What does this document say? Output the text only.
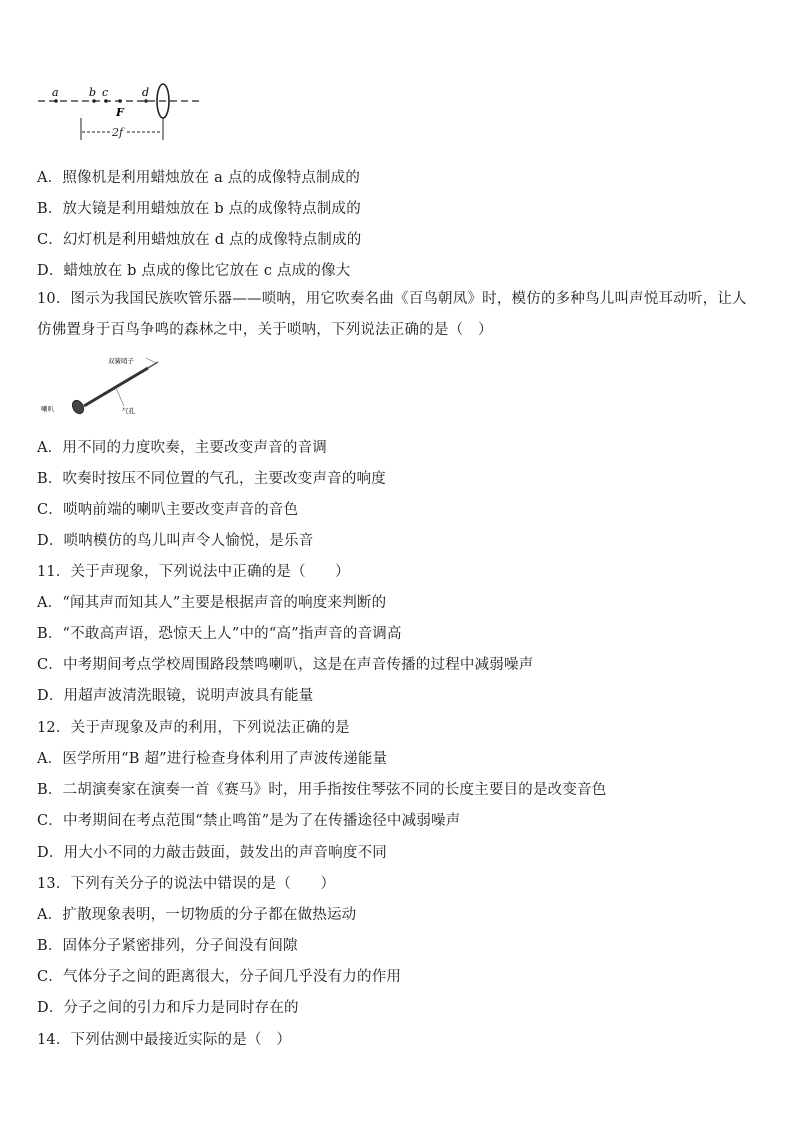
a	b c	d
F
2f
A．照像机是利用蜡烛放在 a 点的成像特点制成的
B．放大镜是利用蜡烛放在 b 点的成像特点制成的
C．幻灯机是利用蜡烛放在 d 点的成像特点制成的
D．蜡烛放在 b 点成的像比它放在 c 点成的像大
10．图示为我国民族吹管乐器——唢呐，用它吹奏名曲《百鸟朝凤》时，模仿的多种鸟儿叫声悦耳动听，让人仿佛置身于百鸟争鸣的森林之中，关于唢呐，下列说法正确的是（　）
双簧哨子
喇叭	气孔
A．用不同的力度吹奏，主要改变声音的音调
B．吹奏时按压不同位置的气孔，主要改变声音的响度
C．唢呐前端的喇叭主要改变声音的音色
D．唢呐模仿的鸟儿叫声令人愉悦，是乐音
11．关于声现象，下列说法中正确的是（　　）
A．“闻其声而知其人”主要是根据声音的响度来判断的
B．“不敢高声语，恐惊天上人”中的“高”指声音的音调高
C．中考期间考点学校周围路段禁鸣喇叭，这是在声音传播的过程中减弱噪声
D．用超声波清洗眼镜，说明声波具有能量
12．关于声现象及声的利用，下列说法正确的是
A．医学所用“B 超”进行检查身体利用了声波传递能量
B．二胡演奏家在演奏一首《赛马》时，用手指按住琴弦不同的长度主要目的是改变音色
C．中考期间在考点范围“禁止鸣笛”是为了在传播途径中减弱噪声
D．用大小不同的力敲击鼓面，鼓发出的声音响度不同
13．下列有关分子的说法中错误的是（　　）
A．扩散现象表明，一切物质的分子都在做热运动
B．固体分子紧密排列，分子间没有间隙
C．气体分子之间的距离很大，分子间几乎没有力的作用
D．分子之间的引力和斥力是同时存在的
14．下列估测中最接近实际的是（　）
